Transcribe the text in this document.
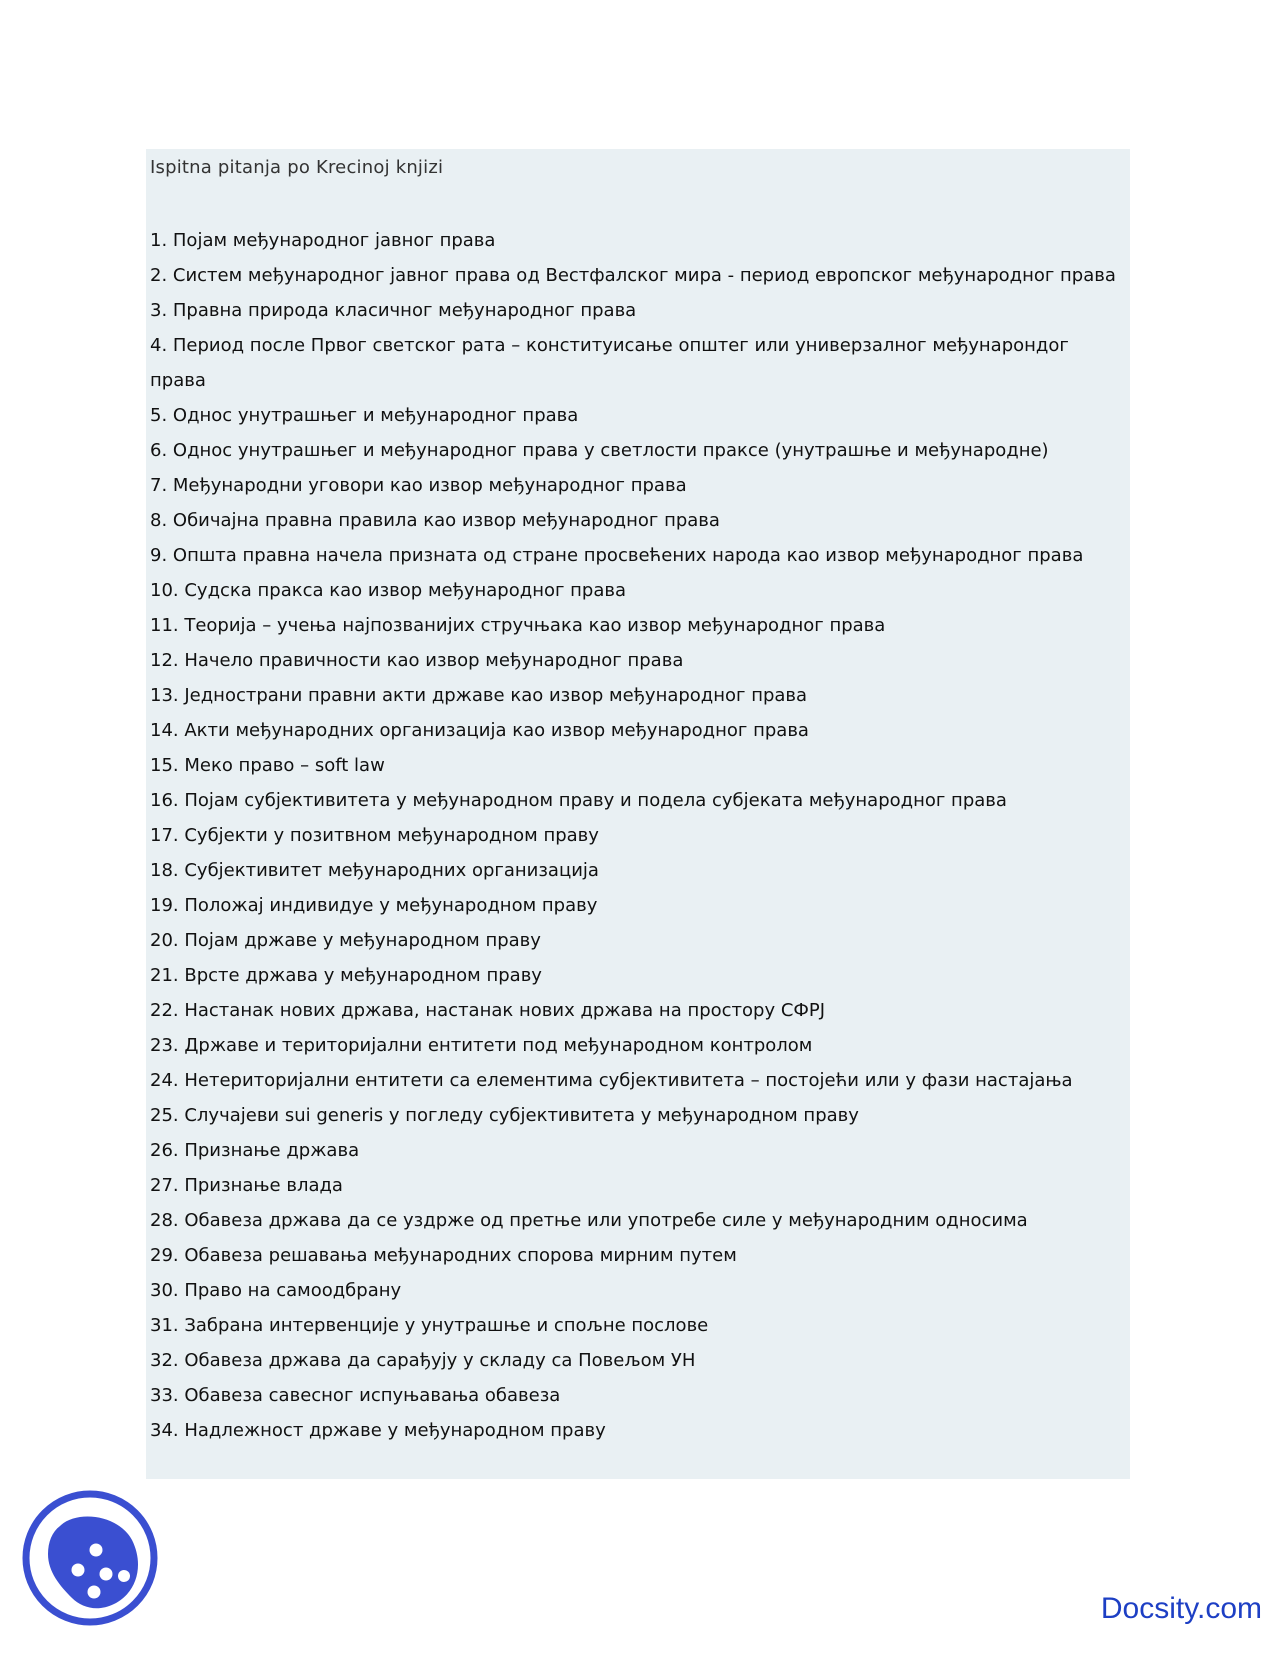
Ispitna pitanja po Krecinoj knjizi
1. Појам међународног јавног права
2. Систем међународног јавног права од Вестфалског мира - период европског међународног права
3. Правна природа класичног међународног права
4. Период после Првог светског рата – конституисање општег или универзалног међунарондог права
5. Однос унутрашњег и међународног права
6. Однос унутрашњег и међународног права у светлости праксе (унутрашње и међународне)
7. Међународни уговори као извор међународног права
8. Обичајна правна правила као извор међународног права
9. Општа правна начела призната од стране просвећених народа као извор међународног права
10. Судска пракса као извор међународног права
11. Теорија – учења најпозванијих стручњака као извор међународног права
12. Начело правичности као извор међународног права
13. Једнострани правни акти државе као извор међународног права
14. Акти међународних организација као извор међународног права
15. Меко право – soft law
16. Појам субјективитета у међународном праву и подела субјеката међународног права
17. Субјекти у позитвном међународном праву
18. Субјективитет међународних организација
19. Положај индивидуе у међународном праву
20. Појам државе у међународном праву
21. Врсте држава у међународном праву
22. Настанак нових држава, настанак нових држава на простору СФРЈ
23. Државе и територијални ентитети под међународном контролом
24. Нетериторијални ентитети са елементима субјективитета – постојећи или у фази настајања
25. Случајеви sui generis у погледу субјективитета у међународном праву
26. Признање држава
27. Признање влада
28. Обавеза држава да се уздрже од претње или употребе силе у међународним односима
29. Обавеза решавања међународних спорова мирним путем
30. Право на самоодбрану
31. Забрана интервенције у унутрашње и спољне послове
32. Обавеза држава да сарађују у складу са Повељом УН
33. Обавеза савесног испуњавања обавеза
34. Надлежност државе у међународном праву
Docsity.com
